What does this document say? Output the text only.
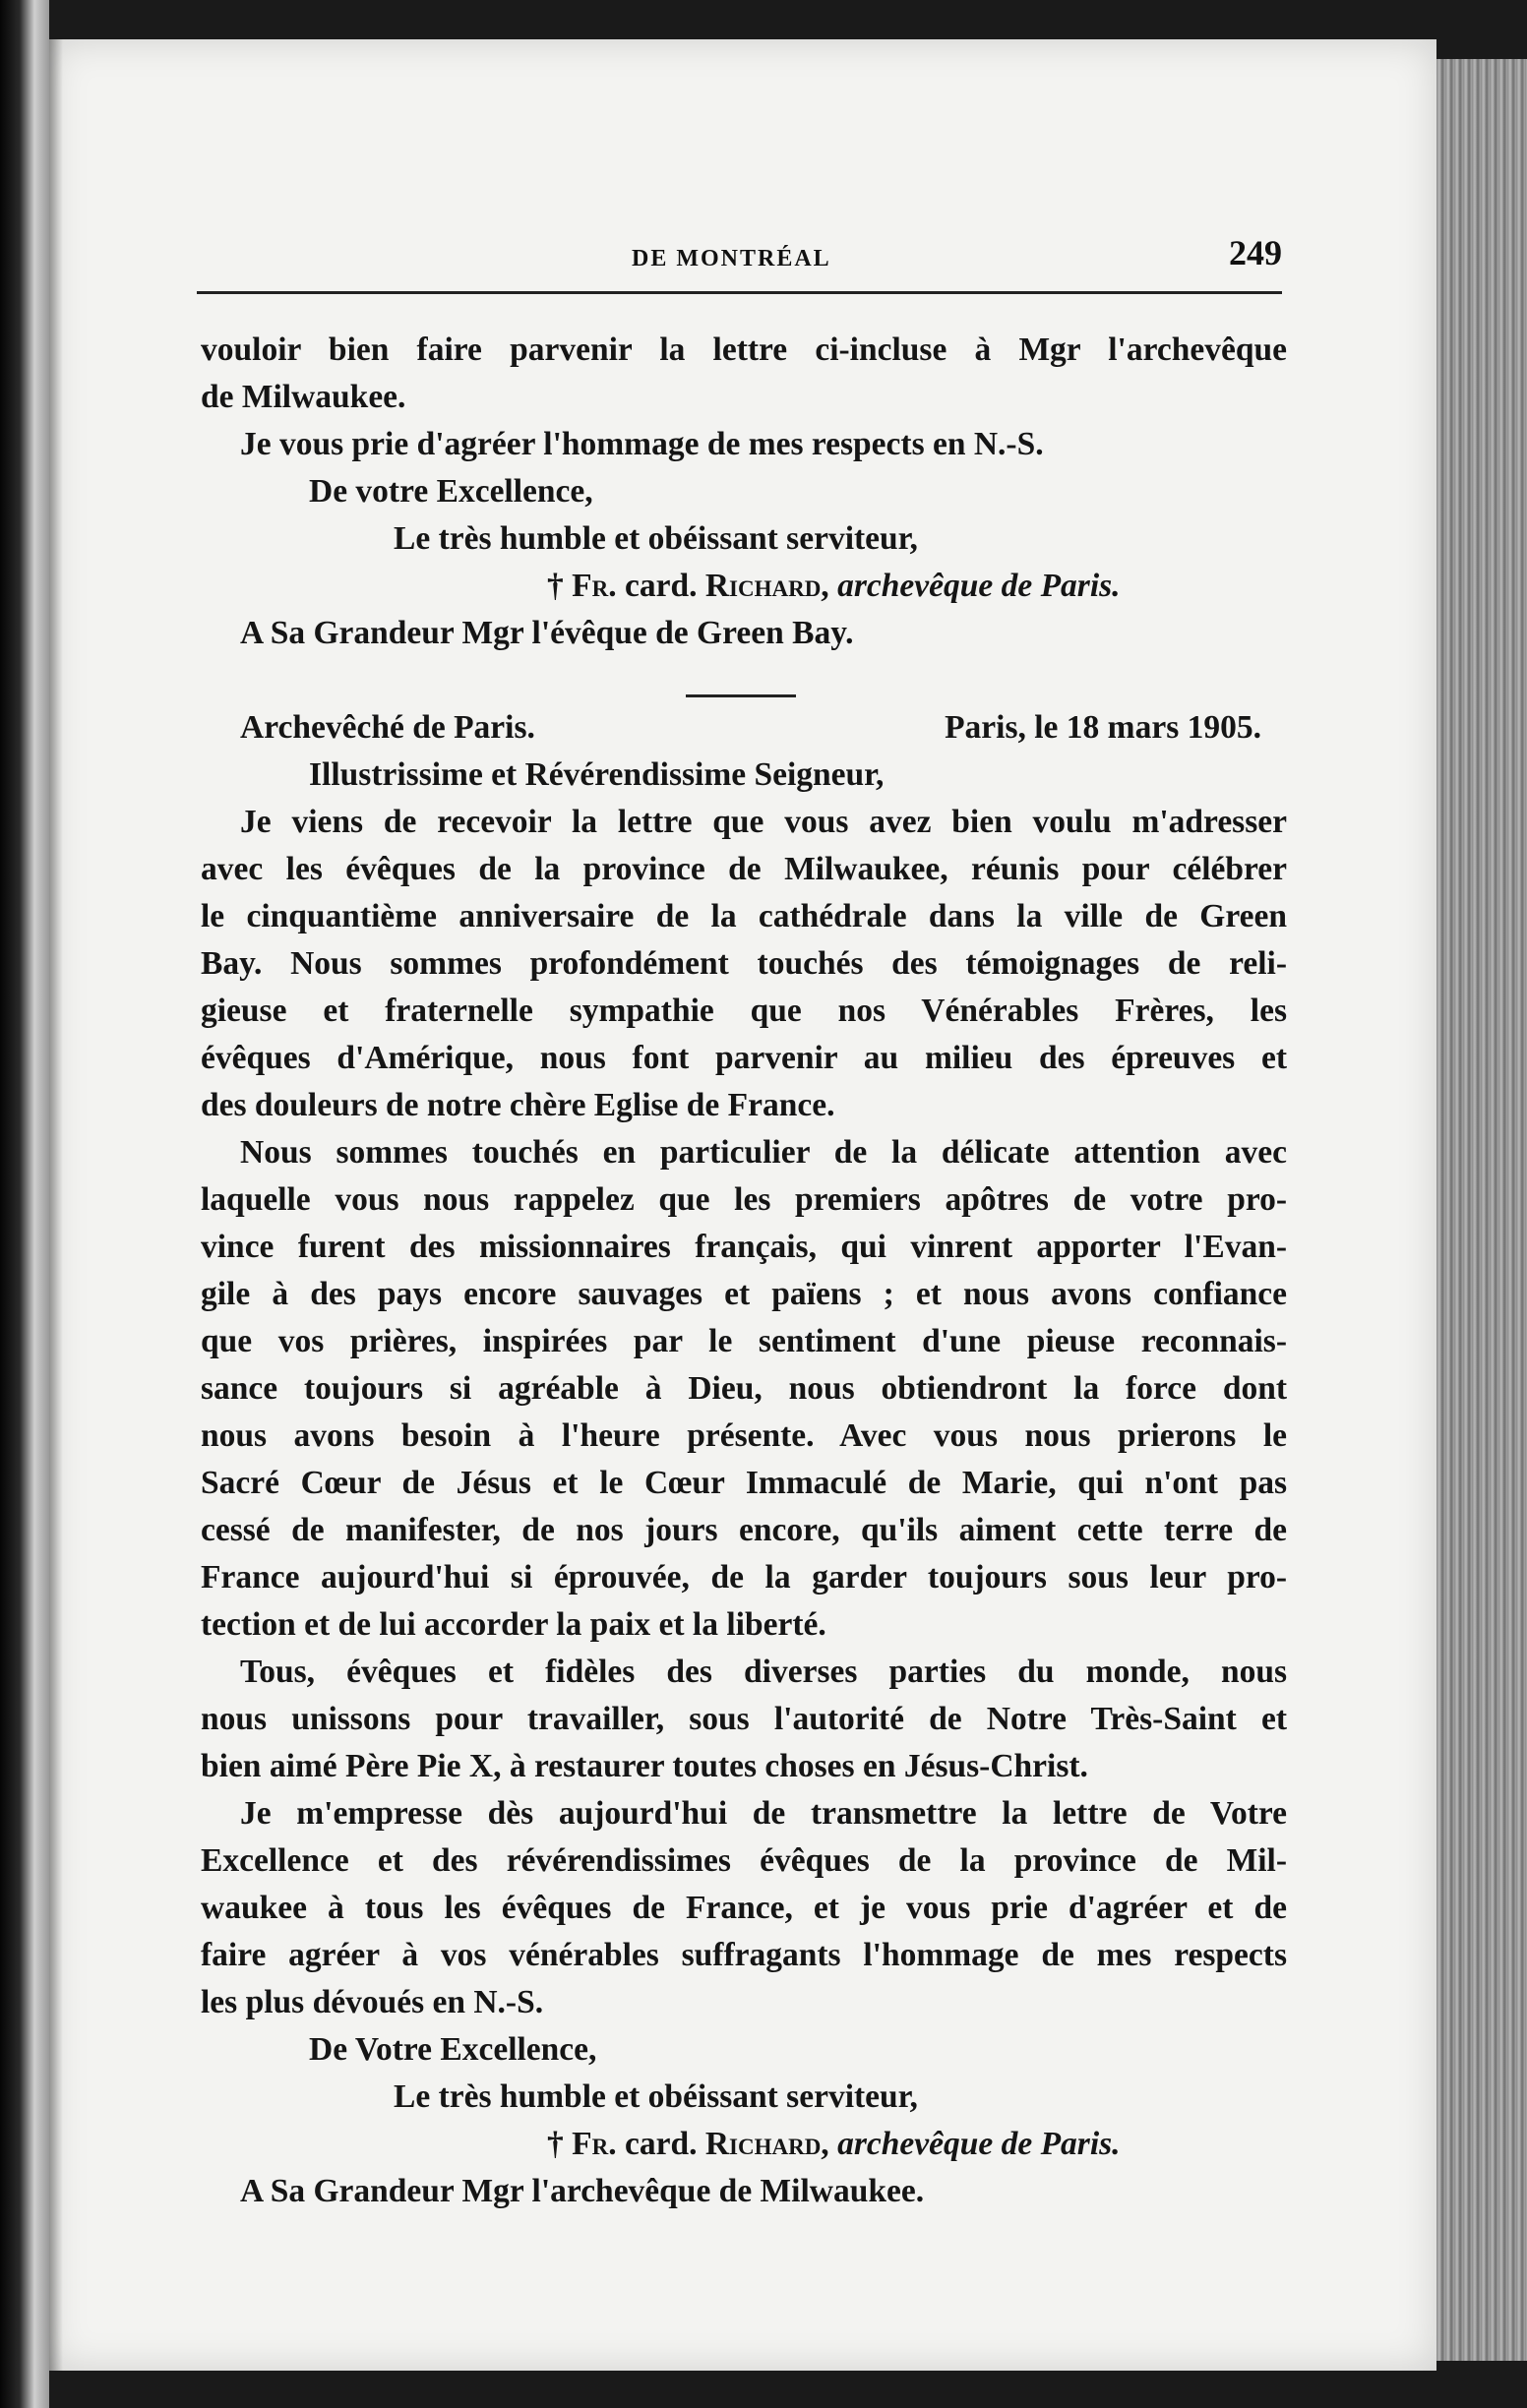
DE MONTRÉAL	249
vouloir bien faire parvenir la lettre ci-incluse à Mgr l'archevêque
de Milwaukee.
Je vous prie d'agréer l'hommage de mes respects en N.-S.
De votre Excellence,
Le très humble et obéissant serviteur,
† Fr. card. Richard, archevêque de Paris.
A Sa Grandeur Mgr l'évêque de Green Bay.
Archevêché de Paris.	Paris, le 18 mars 1905.
Illustrissime et Révérendissime Seigneur,
Je viens de recevoir la lettre que vous avez bien voulu m'adresser
avec les évêques de la province de Milwaukee, réunis pour célébrer
le cinquantième anniversaire de la cathédrale dans la ville de Green
Bay. Nous sommes profondément touchés des témoignages de reli-
gieuse et fraternelle sympathie que nos Vénérables Frères, les
évêques d'Amérique, nous font parvenir au milieu des épreuves et
des douleurs de notre chère Eglise de France.
Nous sommes touchés en particulier de la délicate attention avec
laquelle vous nous rappelez que les premiers apôtres de votre pro-
vince furent des missionnaires français, qui vinrent apporter l'Evan-
gile à des pays encore sauvages et païens ; et nous avons confiance
que vos prières, inspirées par le sentiment d'une pieuse reconnais-
sance toujours si agréable à Dieu, nous obtiendront la force dont
nous avons besoin à l'heure présente. Avec vous nous prierons le
Sacré Cœur de Jésus et le Cœur Immaculé de Marie, qui n'ont pas
cessé de manifester, de nos jours encore, qu'ils aiment cette terre de
France aujourd'hui si éprouvée, de la garder toujours sous leur pro-
tection et de lui accorder la paix et la liberté.
Tous, évêques et fidèles des diverses parties du monde, nous
nous unissons pour travailler, sous l'autorité de Notre Très-Saint et
bien aimé Père Pie X, à restaurer toutes choses en Jésus-Christ.
Je m'empresse dès aujourd'hui de transmettre la lettre de Votre
Excellence et des révérendissimes évêques de la province de Mil-
waukee à tous les évêques de France, et je vous prie d'agréer et de
faire agréer à vos vénérables suffragants l'hommage de mes respects
les plus dévoués en N.-S.
De Votre Excellence,
Le très humble et obéissant serviteur,
† Fr. card. Richard, archevêque de Paris.
A Sa Grandeur Mgr l'archevêque de Milwaukee.
